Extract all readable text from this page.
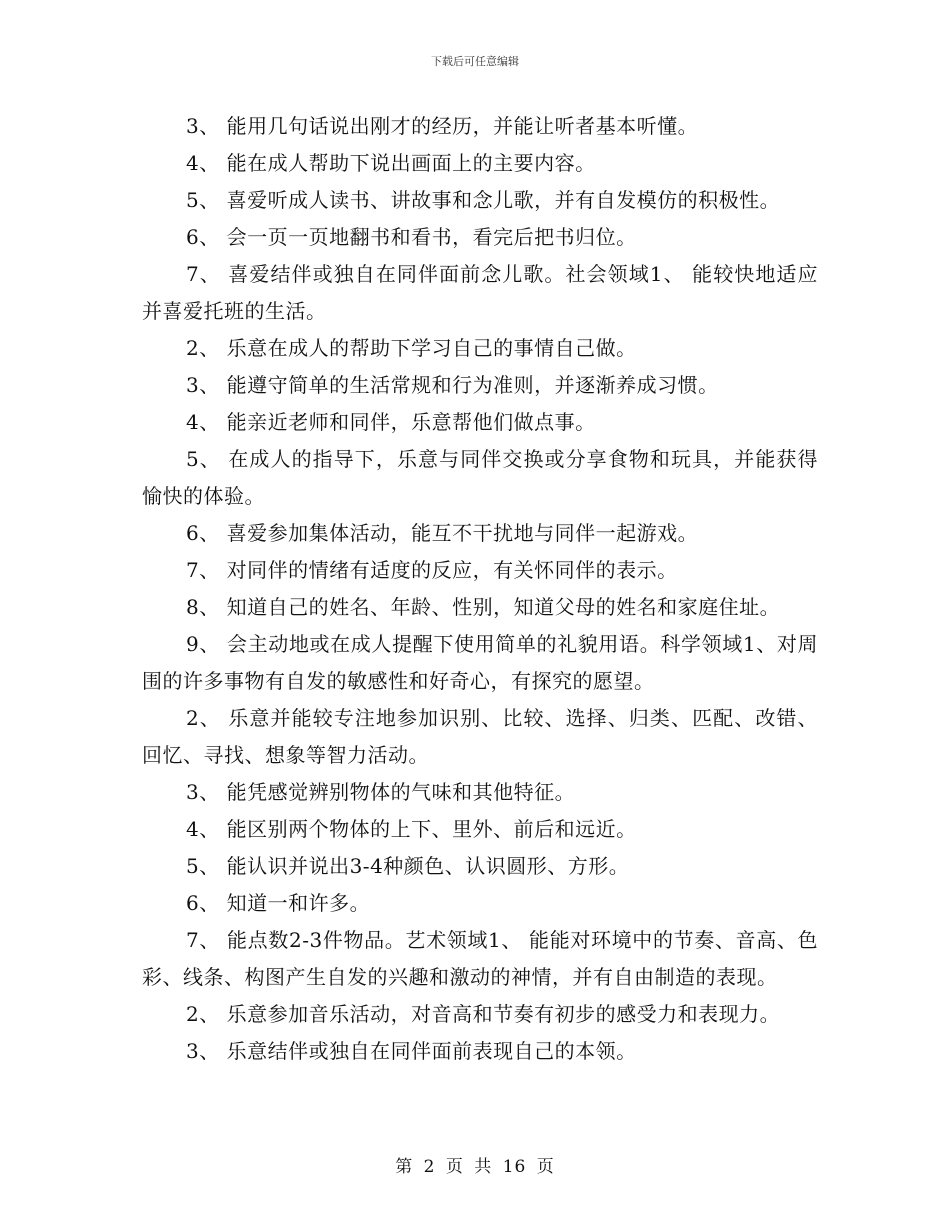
下载后可任意编辑

3、 能用几句话说出刚才的经历，并能让听者基本听懂。

4、 能在成人帮助下说出画面上的主要内容。

5、 喜爱听成人读书、讲故事和念儿歌，并有自发模仿的积极性。

6、 会一页一页地翻书和看书，看完后把书归位。

7、 喜爱结伴或独自在同伴面前念儿歌。社会领域1、 能较快地适应并喜爱托班的生活。

2、 乐意在成人的帮助下学习自己的事情自己做。

3、 能遵守简单的生活常规和行为准则，并逐渐养成习惯。

4、 能亲近老师和同伴，乐意帮他们做点事。

5、 在成人的指导下，乐意与同伴交换或分享食物和玩具，并能获得愉快的体验。

6、 喜爱参加集体活动，能互不干扰地与同伴一起游戏。

7、 对同伴的情绪有适度的反应，有关怀同伴的表示。

8、 知道自己的姓名、年龄、性别，知道父母的姓名和家庭住址。

9、 会主动地或在成人提醒下使用简单的礼貌用语。科学领域1、对周围的许多事物有自发的敏感性和好奇心，有探究的愿望。

2、 乐意并能较专注地参加识别、比较、选择、归类、匹配、改错、回忆、寻找、想象等智力活动。

3、 能凭感觉辨别物体的气味和其他特征。

4、 能区别两个物体的上下、里外、前后和远近。

5、 能认识并说出3-4种颜色、认识圆形、方形。

6、 知道一和许多。

7、 能点数2-3件物品。艺术领域1、 能能对环境中的节奏、音高、色彩、线条、构图产生自发的兴趣和激动的神情，并有自由制造的表现。

2、 乐意参加音乐活动，对音高和节奏有初步的感受力和表现力。

3、 乐意结伴或独自在同伴面前表现自己的本领。

第 2 页 共 16 页
